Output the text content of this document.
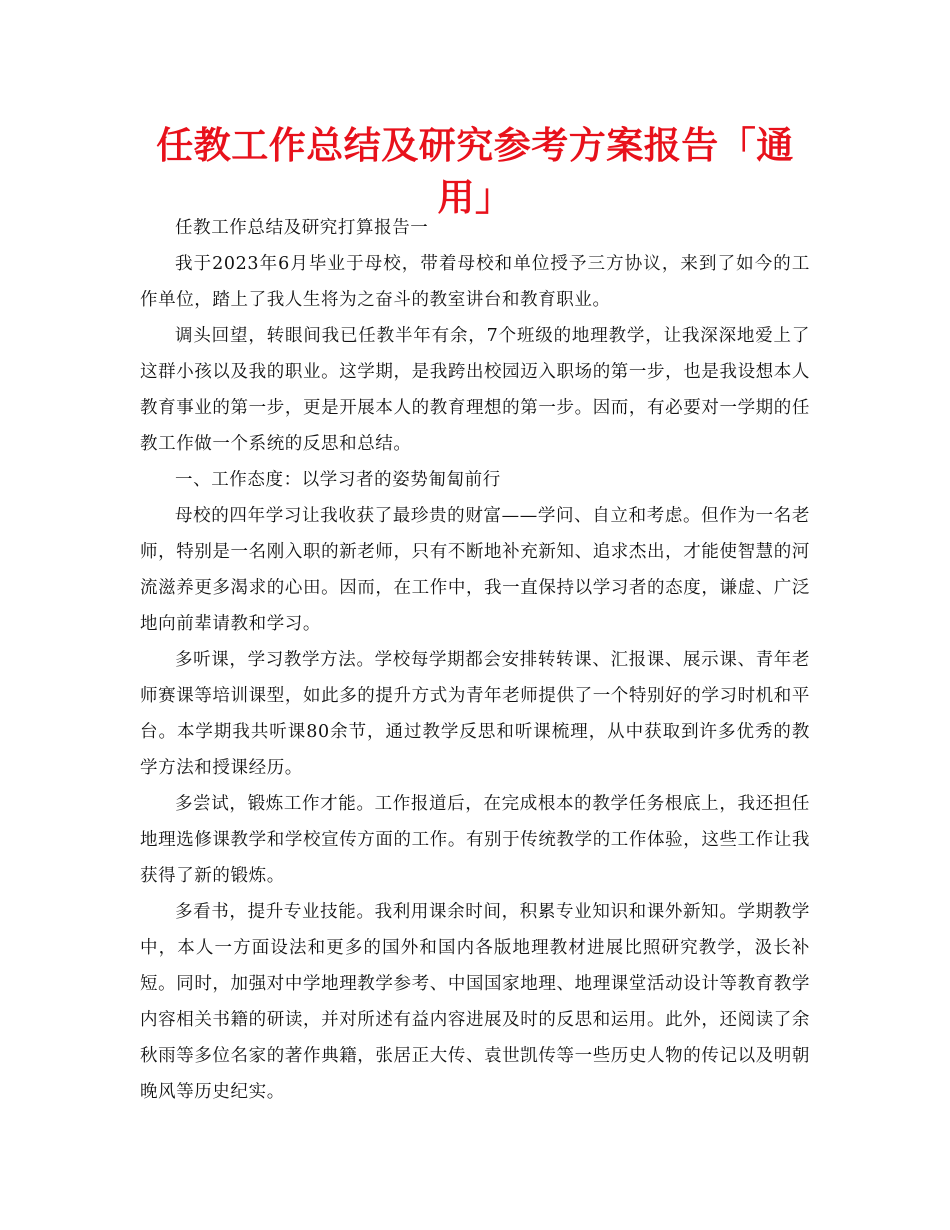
任教工作总结及研究参考方案报告「通用」

任教工作总结及研究打算报告一

我于2023年6月毕业于母校，带着母校和单位授予三方协议，来到了如今的工作单位，踏上了我人生将为之奋斗的教室讲台和教育职业。

调头回望，转眼间我已任教半年有余，7个班级的地理教学，让我深深地爱上了这群小孩以及我的职业。这学期，是我跨出校园迈入职场的第一步，也是我设想本人教育事业的第一步，更是开展本人的教育理想的第一步。因而，有必要对一学期的任教工作做一个系统的反思和总结。

一、工作态度：以学习者的姿势匍匐前行

母校的四年学习让我收获了最珍贵的财富——学问、自立和考虑。但作为一名老师，特别是一名刚入职的新老师，只有不断地补充新知、追求杰出，才能使智慧的河流滋养更多渴求的心田。因而，在工作中，我一直保持以学习者的态度，谦虚、广泛地向前辈请教和学习。

多听课，学习教学方法。学校每学期都会安排转转课、汇报课、展示课、青年老师赛课等培训课型，如此多的提升方式为青年老师提供了一个特别好的学习时机和平台。本学期我共听课80余节，通过教学反思和听课梳理，从中获取到许多优秀的教学方法和授课经历。

多尝试，锻炼工作才能。工作报道后，在完成根本的教学任务根底上，我还担任地理选修课教学和学校宣传方面的工作。有别于传统教学的工作体验，这些工作让我获得了新的锻炼。

多看书，提升专业技能。我利用课余时间，积累专业知识和课外新知。学期教学中，本人一方面设法和更多的国外和国内各版地理教材进展比照研究教学，汲长补短。同时，加强对中学地理教学参考、中国国家地理、地理课堂活动设计等教育教学内容相关书籍的研读，并对所述有益内容进展及时的反思和运用。此外，还阅读了余秋雨等多位名家的著作典籍，张居正大传、袁世凯传等一些历史人物的传记以及明朝晚风等历史纪实。
